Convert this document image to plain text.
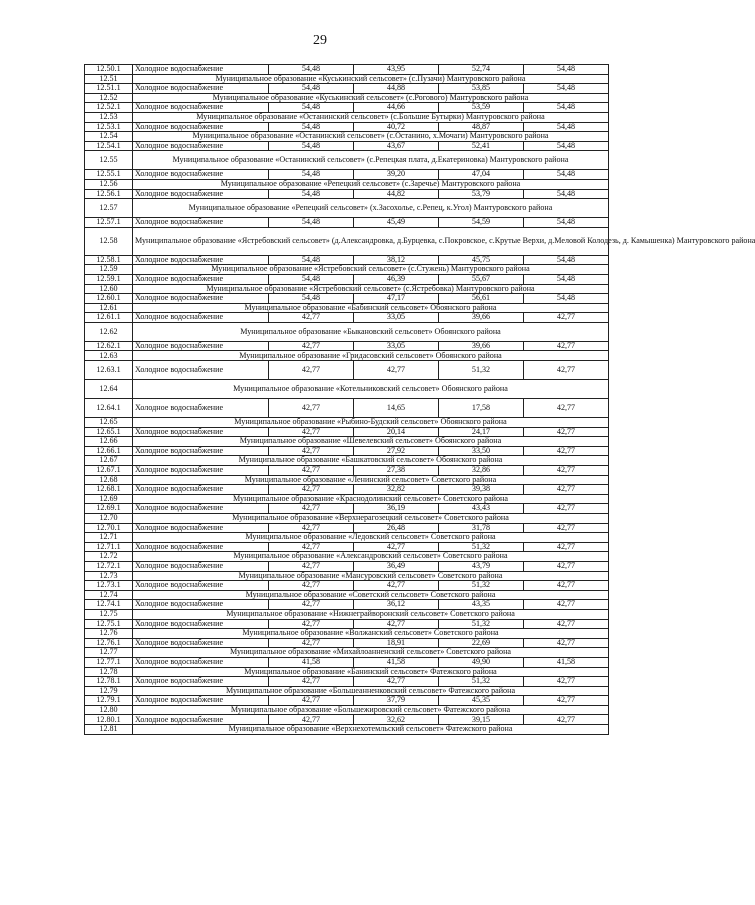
29
12.50.1	Холодное водоснабжение	54,48	43,95	52,74	54,48
12.51	Муниципальное образование «Куськинский сельсовет» (с.Пузачи) Мантуровского района				
12.51.1	Холодное водоснабжение	54,48	44,88	53,85	54,48
12.52	Муниципальное образование «Куськинский сельсовет» (с.Рогового) Мантуровского района				
12.52.1	Холодное водоснабжение	54,48	44,66	53,59	54,48
12.53	Муниципальное образование «Останинский сельсовет» (с.Большие Бутырки) Мантуровского района				
12.53.1	Холодное водоснабжение	54,48	40,72	48,87	54,48
12.54	Муниципальное образование «Останинский сельсовет» (с.Останино, х.Мочаги) Мантуровского района				
12.54.1	Холодное водоснабжение	54,48	43,67	52,41	54,48
12.55	Муниципальное образование «Останинский сельсовет» (с.Репецкая плата, д.Екатериновка) Мантуровского района				
12.55.1	Холодное водоснабжение	54,48	39,20	47,04	54,48
12.56	Муниципальное образование «Репецкий сельсовет» (с.Заречье) Мантуровского района				
12.56.1	Холодное водоснабжение	54,48	44,82	53,79	54,48
12.57	Муниципальное образование «Репецкий сельсовет» (х.Засохолье, с.Репец, к.Угол) Мантуровского района				
12.57.1	Холодное водоснабжение	54,48	45,49	54,59	54,48
12.58	Муниципальное образование «Ястребовский сельсовет» (д.Александровка, д.Бурцевка, с.Покровское, с.Крутые Верхи, д.Меловой Колодезь, д. Камышенка) Мантуровского района				
12.58.1	Холодное водоснабжение	54,48	38,12	45,75	54,48
12.59	Муниципальное образование «Ястребовский сельсовет» (с.Стужень) Мантуровского района				
12.59.1	Холодное водоснабжение	54,48	46,39	55,67	54,48
12.60	Муниципальное образование «Ястребовский сельсовет» (с.Ястребовка) Мантуровского района				
12.60.1	Холодное водоснабжение	54,48	47,17	56,61	54,48
12.61	Муниципальное образование «Бабинский сельсовет» Обоянского района				
12.61.1	Холодное водоснабжение	42,77	33,05	39,66	42,77
12.62	Муниципальное образование «Быкановский сельсовет» Обоянского района				
12.62.1	Холодное водоснабжение	42,77	33,05	39,66	42,77
12.63	Муниципальное образование «Гридасовский сельсовет» Обоянского района				
12.63.1	Холодное водоснабжение	42,77	42,77	51,32	42,77
12.64	Муниципальное образование «Котельниковский сельсовет» Обоянского района				
12.64.1	Холодное водоснабжение	42,77	14,65	17,58	42,77
12.65	Муниципальное образование «Рыбино-Будский сельсовет» Обоянского района				
12.65.1	Холодное водоснабжение	42,77	20,14	24,17	42,77
12.66	Муниципальное образование «Шевелевский сельсовет» Обоянского района				
12.66.1	Холодное водоснабжение	42,77	27,92	33,50	42,77
12.67	Муниципальное образование «Башкатовский сельсовет» Обоянского района				
12.67.1	Холодное водоснабжение	42,77	27,38	32,86	42,77
12.68	Муниципальное образование «Ленинский сельсовет» Советского района				
12.68.1	Холодное водоснабжение	42,77	32,82	39,38	42,77
12.69	Муниципальное образование «Краснодолинский сельсовет» Советского района				
12.69.1	Холодное водоснабжение	42,77	36,19	43,43	42,77
12.70	Муниципальное образование «Верхнерагозецкий сельсовет» Советского района				
12.70.1	Холодное водоснабжение	42,77	26,48	31,78	42,77
12.71	Муниципальное образование «Ледовский сельсовет» Советского района				
12.71.1	Холодное водоснабжение	42,77	42,77	51,32	42,77
12.72	Муниципальное образование «Александровский сельсовет» Советского района				
12.72.1	Холодное водоснабжение	42,77	36,49	43,79	42,77
12.73	Муниципальное образование «Мансуровский сельсовет» Советского района				
12.73.1	Холодное водоснабжение	42,77	42,77	51,32	42,77
12.74	Муниципальное образование «Советский сельсовет» Советского района				
12.74.1	Холодное водоснабжение	42,77	36,12	43,35	42,77
12.75	Муниципальное образование «Нижнеграйворонский сельсовет» Советского района				
12.75.1	Холодное водоснабжение	42,77	42,77	51,32	42,77
12.76	Муниципальное образование «Волжанский сельсовет» Советского района				
12.76.1	Холодное водоснабжение	42,77	18,91	22,69	42,77
12.77	Муниципальное образование «Михайлоанненский сельсовет» Советского района				
12.77.1	Холодное водоснабжение	41,58	41,58	49,90	41,58
12.78	Муниципальное образование «Банинский сельсовет» Фатежского района				
12.78.1	Холодное водоснабжение	42,77	42,77	51,32	42,77
12.79	Муниципальное образование «Большеанненковский сельсовет» Фатежского района				
12.79.1	Холодное водоснабжение	42,77	37,79	45,35	42,77
12.80	Муниципальное образование «Большежировский сельсовет» Фатежского района				
12.80.1	Холодное водоснабжение	42,77	32,62	39,15	42,77
12.81	Муниципальное образование «Верхнехотемльский сельсовет» Фатежского района				
